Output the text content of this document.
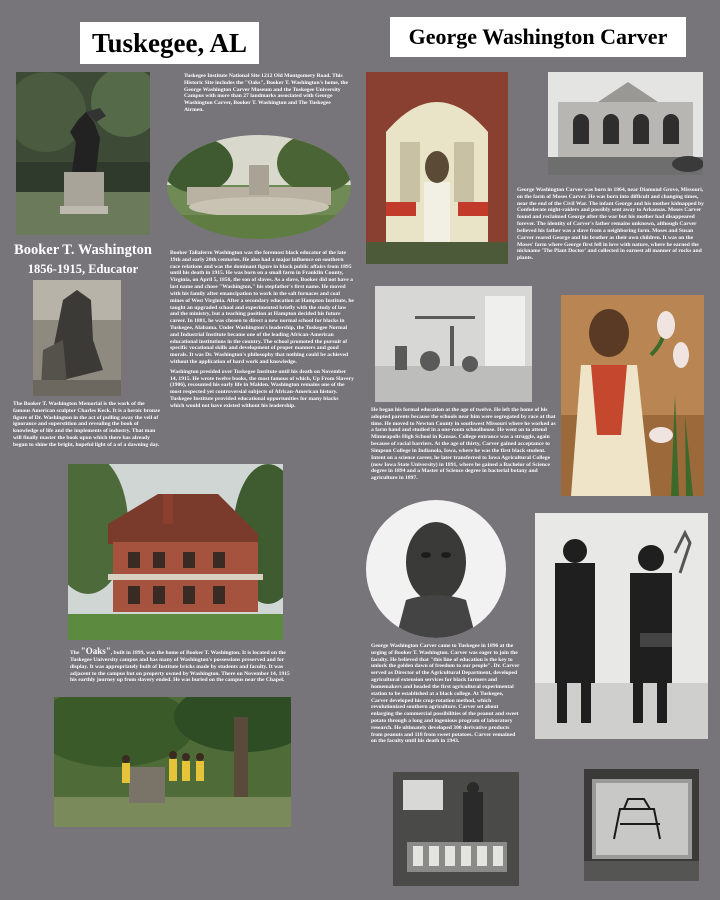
Tuskegee, AL	George Washington Carver
Booker T. Washington
1856-1915, Educator

Tuskegee Institute National Site 1212 Old Montgomery Road. This Historic Site includes the "Oaks", Booker T. Washington's home, the George Washington Carver Museum and the Tuskegee University Campus with more than 27 landmarks associated with George Washington Carver, Booker T. Washington and The Tuskegee Airmen.

Booker Taliaferro Washington was the foremost black educator of the late 19th and early 20th centuries. He also had a major influence on southern race relations and was the dominant figure in black public affairs from 1895 until his death in 1915. He was born on a small farm in Franklin County, Virginia, on April 5, 1856, the son of slaves. As a slave, Booker did not have a last name and chose "Washington," his stepfather's first name. He moved with his family after emancipation to work in the salt furnaces and coal mines of West Virginia. After a secondary education at Hampton Institute, he taught an upgraded school and experimented briefly with the study of law and the ministry, but a teaching position at Hampton decided his future career. In 1881, he was chosen to direct a new normal school for blacks in Tuskegee, Alabama. Under Washington's leadership, the Tuskegee Normal and Industrial Institute became one of the leading African-American educational institutions in the country. The school promoted the pursuit of specific vocational skills and development of proper manners and good morals. It was Dr. Washington's philosophy that nothing could be achieved without the application of hard work and knowledge.

Washington presided over Tuskegee Institute until his death on November 14, 1915. He wrote twelve books, the most famous of which, Up From Slavery (1906), recounted his early life in Malden. Washington remains one of the most respected yet controversial subjects of African-American history. Tuskegee Institute provided educational opportunities for many blacks which would not have existed without his leadership.

The Booker T. Washington Memorial is the work of the famous American sculptor Charles Keck. It is a heroic bronze figure of Dr. Washington in the act of pulling away the veil of ignorance and superstition and revealing the book of knowledge of life and the implements of industry. That man will finally master the book upon which there has already begun to shine the bright, hopeful light of a of a dawning day.

The "Oaks", built in 1899, was the home of Booker T. Washington. It is located on the Tuskegee University campus and has many of Washington's possessions preserved and for display. It was appropriately built of Institute bricks made by students and faculty. It was adjacent to the campus but on property owned by Washington. There on November 14, 1915 his earthly journey up from slavery ended. He was buried on the campus near the Chapel.

George Washington Carver was born in 1864, near Diamond Grove, Missouri, on the farm of Moses Carver. He was born into difficult and changing times, near the end of the Civil War. The infant George and his mother kidnapped by Confederate night-raiders and possibly sent away to Arkansas. Moses Carver found and reclaimed George after the war but his mother had disappeared forever. The identity of Carver's father remains unknown, although Carver believed his father was a slave from a neighboring farm. Moses and Susan Carver reared George and his brother as their own children. It was on the Moses' farm where George first fell in love with nature, where he earned the nickname 'The Plant Doctor' and collected in earnest all manner of rocks and plants.

He began his formal education at the age of twelve. He left the home of his adopted parents because the schools near him were segregated by race at that time. He moved to Newton County in southwest Missouri where he worked as a farm hand and studied in a one-room schoolhouse. He went on to attend Minneapolis High School in Kansas. College entrance was a struggle, again because of racial barriers. At the age of thirty, Carver gained acceptance to Simpson College in Indianola, Iowa, where he was the first black student. Intent on a science career, he later transferred to Iowa Agricultural College (now Iowa State University) in 1891, where he gained a Bachelor of Science degree in 1894 and a Master of Science degree in bacterial botany and agriculture in 1897.

George Washington Carver came to Tuskegee in 1896 at the urging of Booker T. Washington. Carver was eager to join the faculty. He believed that "this line of education is the key to unlock the golden dawn of freedom to our people". Dr. Carver served as Director of the Agricultural Department, developed agricultural extension services for black farmers and homemakers and headed the first agricultural experimental station to be established at a black college. At Tuskegee, Carver developed his crop-rotation method, which revolutionized southern agriculture. Carver set about enlarging the commercial possibilities of the peanut and sweet potato through a long and ingenious program of laboratory research. He ultimately developed 300 derivative products from peanuts and 118 from sweet potatoes. Carver remained on the faculty until his death in 1943.
